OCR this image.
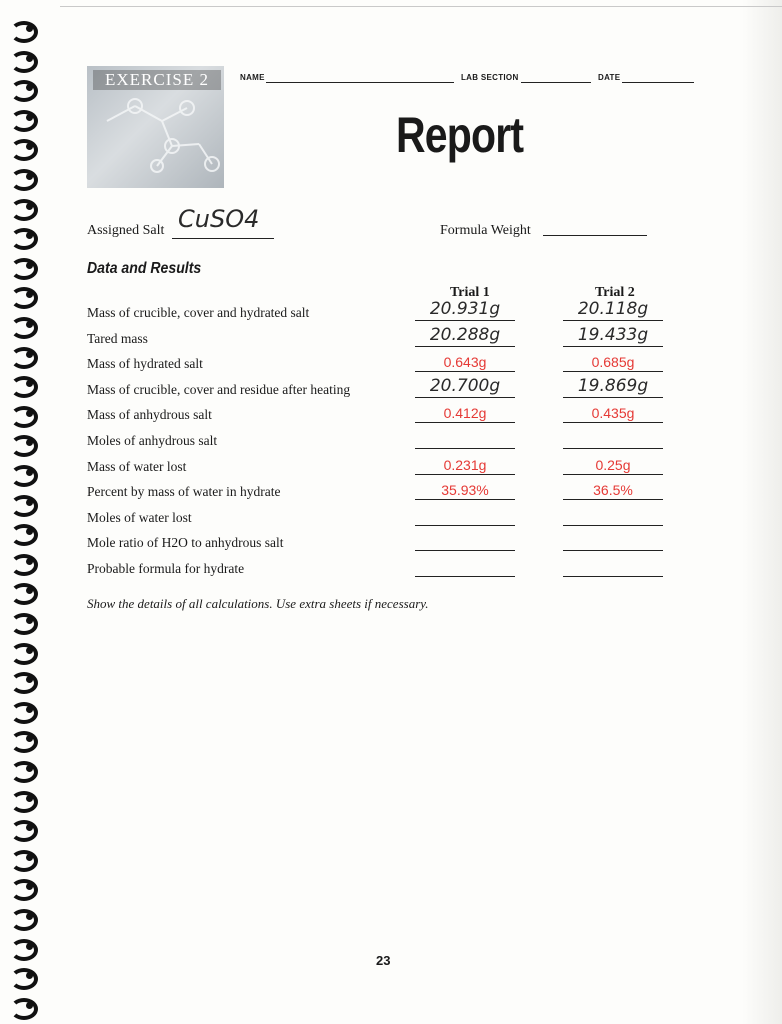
EXERCISE 2	NAME	LAB SECTION	DATE
Report
Assigned Salt CuSO4	Formula Weight
Data and Results
Trial 1	Trial 2
Mass of crucible, cover and hydrated salt	20.931g	20.118g
Tared mass	20.288g	19.433g
Mass of hydrated salt	0.643g	0.685g
Mass of crucible, cover and residue after heating	20.700g	19.869g
Mass of anhydrous salt	0.412g	0.435g
Moles of anhydrous salt
Mass of water lost	0.231g	0.25g
Percent by mass of water in hydrate	35.93%	36.5%
Moles of water lost
Mole ratio of H2O to anhydrous salt
Probable formula for hydrate
Show the details of all calculations. Use extra sheets if necessary.
23
